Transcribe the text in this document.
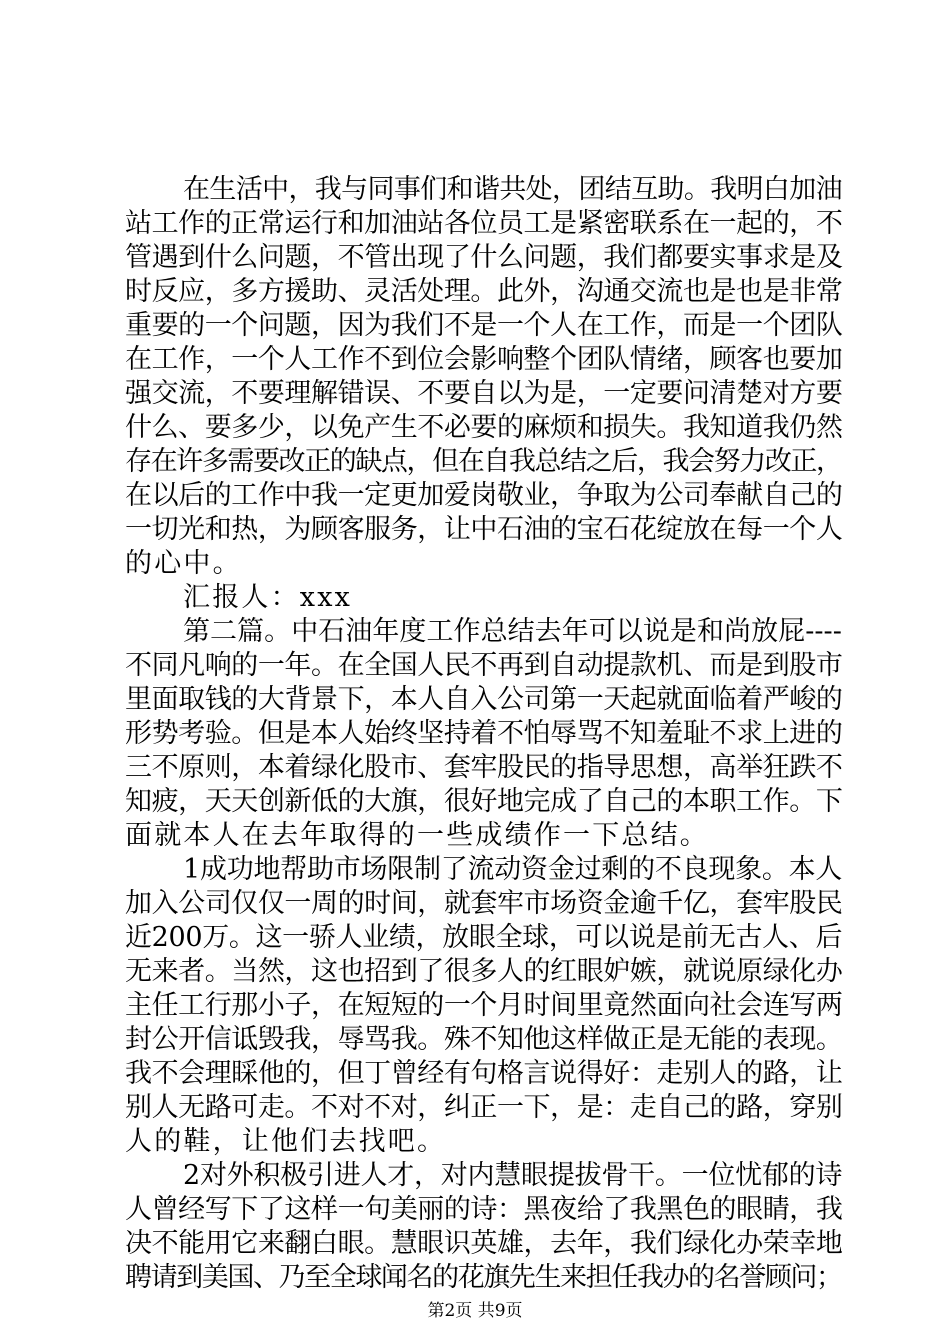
在生活中，我与同事们和谐共处，团结互助。我明白加油
站工作的正常运行和加油站各位员工是紧密联系在一起的，不
管遇到什么问题，不管出现了什么问题，我们都要实事求是及
时反应，多方援助、灵活处理。此外，沟通交流也是也是非常
重要的一个问题，因为我们不是一个人在工作，而是一个团队
在工作，一个人工作不到位会影响整个团队情绪，顾客也要加
强交流，不要理解错误、不要自以为是，一定要问清楚对方要
什么、要多少，以免产生不必要的麻烦和损失。我知道我仍然
存在许多需要改正的缺点，但在自我总结之后，我会努力改正，
在以后的工作中我一定更加爱岗敬业，争取为公司奉献自己的
一切光和热，为顾客服务，让中石油的宝石花绽放在每一个人
的心中。
汇报人：xxx
第二篇。中石油年度工作总结去年可以说是和尚放屁----
不同凡响的一年。在全国人民不再到自动提款机、而是到股市
里面取钱的大背景下，本人自入公司第一天起就面临着严峻的
形势考验。但是本人始终坚持着不怕辱骂不知羞耻不求上进的
三不原则，本着绿化股市、套牢股民的指导思想，高举狂跌不
知疲，天天创新低的大旗，很好地完成了自己的本职工作。下
面就本人在去年取得的一些成绩作一下总结。
1成功地帮助市场限制了流动资金过剩的不良现象。本人
加入公司仅仅一周的时间，就套牢市场资金逾千亿，套牢股民
近200万。这一骄人业绩，放眼全球，可以说是前无古人、后
无来者。当然，这也招到了很多人的红眼妒嫉，就说原绿化办
主任工行那小子，在短短的一个月时间里竟然面向社会连写两
封公开信诋毁我，辱骂我。殊不知他这样做正是无能的表现。
我不会理睬他的，但丁曾经有句格言说得好：走别人的路，让
别人无路可走。不对不对，纠正一下，是：走自己的路，穿别
人的鞋，让他们去找吧。
2对外积极引进人才，对内慧眼提拔骨干。一位忧郁的诗
人曾经写下了这样一句美丽的诗：黑夜给了我黑色的眼睛，我
决不能用它来翻白眼。慧眼识英雄，去年，我们绿化办荣幸地
聘请到美国、乃至全球闻名的花旗先生来担任我办的名誉顾问；
第2页 共9页
